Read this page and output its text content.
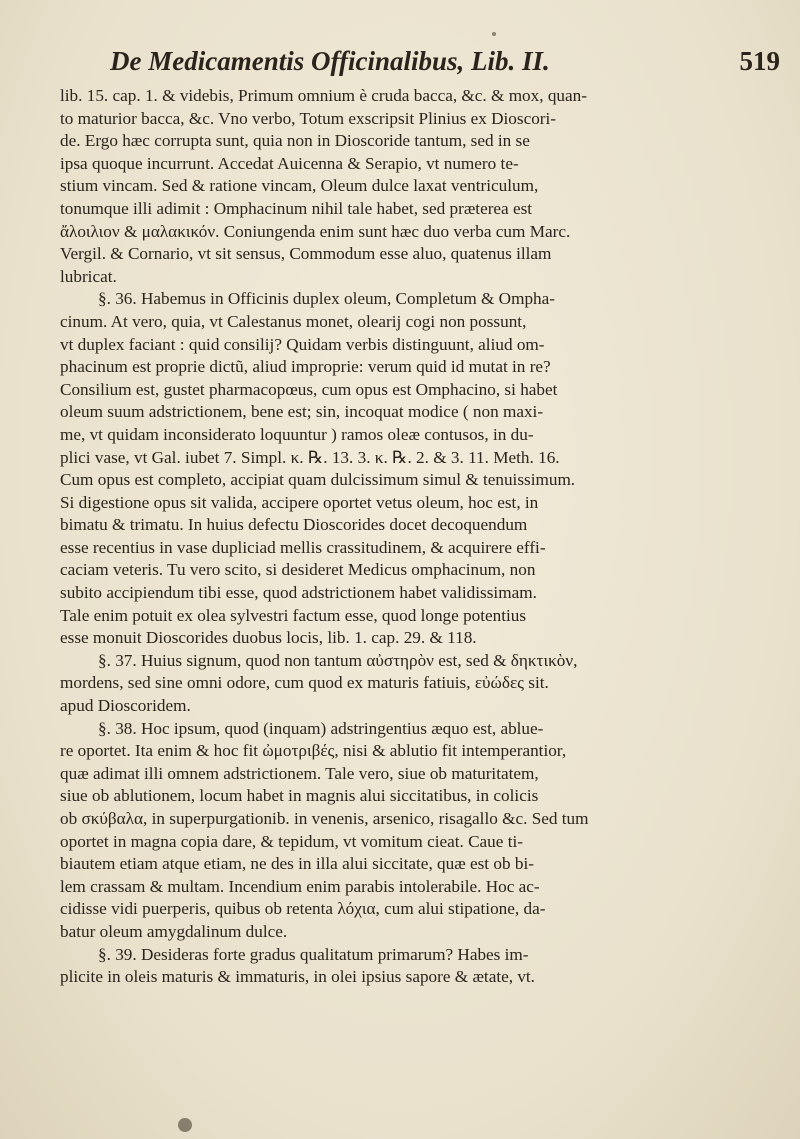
De Medicamentis Officinalibus, Lib. II.	519
lib. 15. cap. 1. & videbis, Primum omnium è cruda bacca, &c. & mox, quan-
to maturior bacca, &c. Vno verbo, Totum exscripsit Plinius ex Dioscori-
de. Ergo hæc corrupta sunt, quia non in Dioscoride tantum, sed in se
ipsa quoque incurrunt. Accedat Auicenna & Serapio, vt numero te-
stium vincam. Sed & ratione vincam, Oleum dulce laxat ventriculum,
tonumque illi adimit : Omphacinum nihil tale habet, sed præterea est
ἄλοιλιον & μαλακικόν. Coniungenda enim sunt hæc duo verba cum Marc.
Vergil. & Cornario, vt sit sensus, Commodum esse aluo, quatenus illam
lubricat.
§. 36. Habemus in Officinis duplex oleum, Completum & Ompha-
cinum. At vero, quia, vt Calestanus monet, olearij cogi non possunt,
vt duplex faciant : quid consilij? Quidam verbis distinguunt, aliud om-
phacinum est proprie dictũ, aliud improprie: verum quid id mutat in re?
Consilium est, gustet pharmacopœus, cum opus est Omphacino, si habet
oleum suum adstrictionem, bene est; sin, incoquat modice ( non maxi-
me, vt quidam inconsiderato loquuntur ) ramos oleæ contusos, in du-
plici vase, vt Gal. iubet 7. Simpl. κ. ℞. 13. 3. κ. ℞. 2. & 3. 11. Meth. 16.
Cum opus est completo, accipiat quam dulcissimum simul & tenuissimum.
Si digestione opus sit valida, accipere oportet vetus oleum, hoc est, in
bimatu & trimatu. In huius defectu Dioscorides docet decoquendum
esse recentius in vase dupliciad mellis crassitudinem, & acquirere effi-
caciam veteris. Tu vero scito, si desideret Medicus omphacinum, non
subito accipiendum tibi esse, quod adstrictionem habet validissimam.
Tale enim potuit ex olea sylvestri factum esse, quod longe potentius
esse monuit Dioscorides duobus locis, lib. 1. cap. 29. & 118.
§. 37. Huius signum, quod non tantum αὐστηρὸν est, sed & δηκτικὸν,
mordens, sed sine omni odore, cum quod ex maturis fatiuis, εὐώδες sit.
apud Dioscoridem.
§. 38. Hoc ipsum, quod (inquam) adstringentius æquo est, ablue-
re oportet. Ita enim & hoc fit ὠμοτριβές, nisi & ablutio fit intemperantior,
quæ adimat illi omnem adstrictionem. Tale vero, siue ob maturitatem,
siue ob ablutionem, locum habet in magnis alui siccitatibus, in colicis
ob σκύβαλα, in superpurgationib. in venenis, arsenico, risagallo &c. Sed tum
oportet in magna copia dare, & tepidum, vt vomitum cieat. Caue ti-
biautem etiam atque etiam, ne des in illa alui siccitate, quæ est ob bi-
lem crassam & multam. Incendium enim parabis intolerabile. Hoc ac-
cidisse vidi puerperis, quibus ob retenta λόχια, cum alui stipatione, da-
batur oleum amygdalinum dulce.
§. 39. Desideras forte gradus qualitatum primarum? Habes im-
plicite in oleis maturis & immaturis, in olei ipsius sapore & ætate, vt.
